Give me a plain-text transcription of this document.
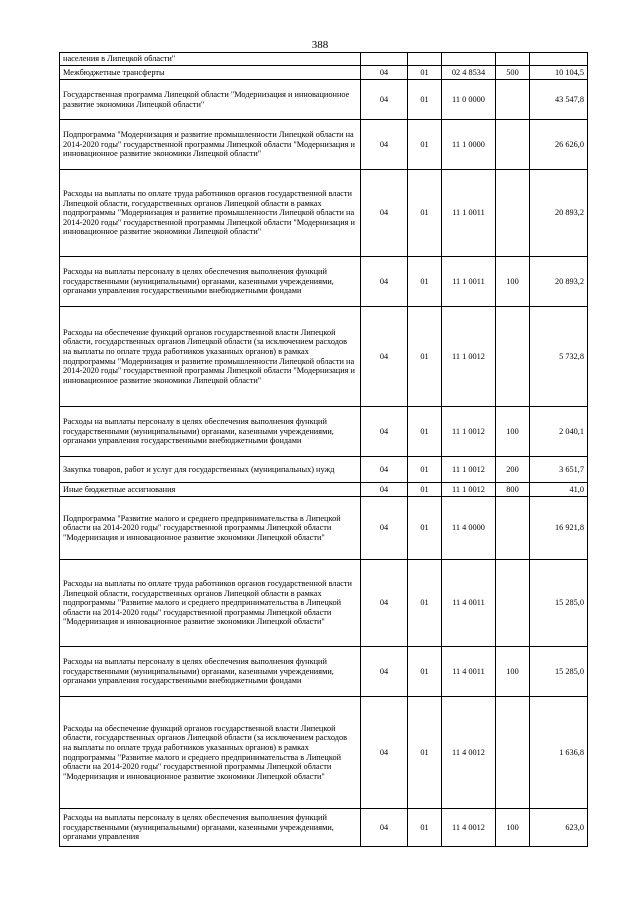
388
населения в Липецкой области"					
Межбюджетные трансферты	04	01	02 4 8534	500	10 104,5
Государственная программа Липецкой области "Модернизация и инновационное развитие экономики Липецкой области"	04	01	11 0 0000		43 547,8
Подпрограмма "Модернизация и развитие промышленности Липецкой области на 2014-2020 годы" государственной программы Липецкой области "Модернизация и инновационное развитие экономики Липецкой области"	04	01	11 1 0000		26 626,0
Расходы на выплаты по оплате труда работников органов государственной власти Липецкой области, государственных органов Липецкой области в рамках подпрограммы "Модернизация и развитие промышленности Липецкой области на 2014-2020 годы" государственной программы Липецкой области "Модернизация и инновационное развитие экономики Липецкой области"	04	01	11 1 0011		20 893,2
Расходы на выплаты персоналу в целях обеспечения выполнения функций государственными (муниципальными) органами, казенными учреждениями, органами управления государственными внебюджетными фондами	04	01	11 1 0011	100	20 893,2
Расходы на обеспечение функций органов государственной власти Липецкой области, государственных органов Липецкой области (за исключением расходов на выплаты по оплате труда работников указанных органов) в рамках подпрограммы "Модернизация и развитие промышленности Липецкой области на 2014-2020 годы" государственной программы Липецкой области "Модернизация и инновационное развитие экономики Липецкой области"	04	01	11 1 0012		5 732,8
Расходы на выплаты персоналу в целях обеспечения выполнения функций государственными (муниципальными) органами, казенными учреждениями, органами управления государственными внебюджетными фондами	04	01	11 1 0012	100	2 040,1
Закупка товаров, работ и услуг для государственных (муниципальных) нужд	04	01	11 1 0012	200	3 651,7
Иные бюджетные ассигнования	04	01	11 1 0012	800	41,0
Подпрограмма "Развитие малого и среднего предпринимательства в Липецкой области на 2014-2020 годы" государственной программы Липецкой области "Модернизация и инновационное развитие экономики Липецкой области"	04	01	11 4 0000		16 921,8
Расходы на выплаты по оплате труда работников органов государственной власти Липецкой области, государственных органов Липецкой области в рамках подпрограммы "Развитие малого и среднего предпринимательства в Липецкой области на 2014-2020 годы" государственной программы Липецкой области "Модернизация и инновационное развитие экономики Липецкой области"	04	01	11 4 0011		15 285,0
Расходы на выплаты персоналу в целях обеспечения выполнения функций государственными (муниципальными) органами, казенными учреждениями, органами управления государственными внебюджетными фондами	04	01	11 4 0011	100	15 285,0
Расходы на обеспечение функций органов государственной власти Липецкой области, государственных органов Липецкой области (за исключением расходов на выплаты по оплате труда работников указанных органов) в рамках подпрограммы "Развитие малого и среднего предпринимательства в Липецкой области на 2014-2020 годы" государственной программы Липецкой области "Модернизация и инновационное развитие экономики Липецкой области"	04	01	11 4 0012		1 636,8
Расходы на выплаты персоналу в целях обеспечения выполнения функций государственными (муниципальными) органами, казенными учреждениями, органами управления	04	01	11 4 0012	100	623,0
